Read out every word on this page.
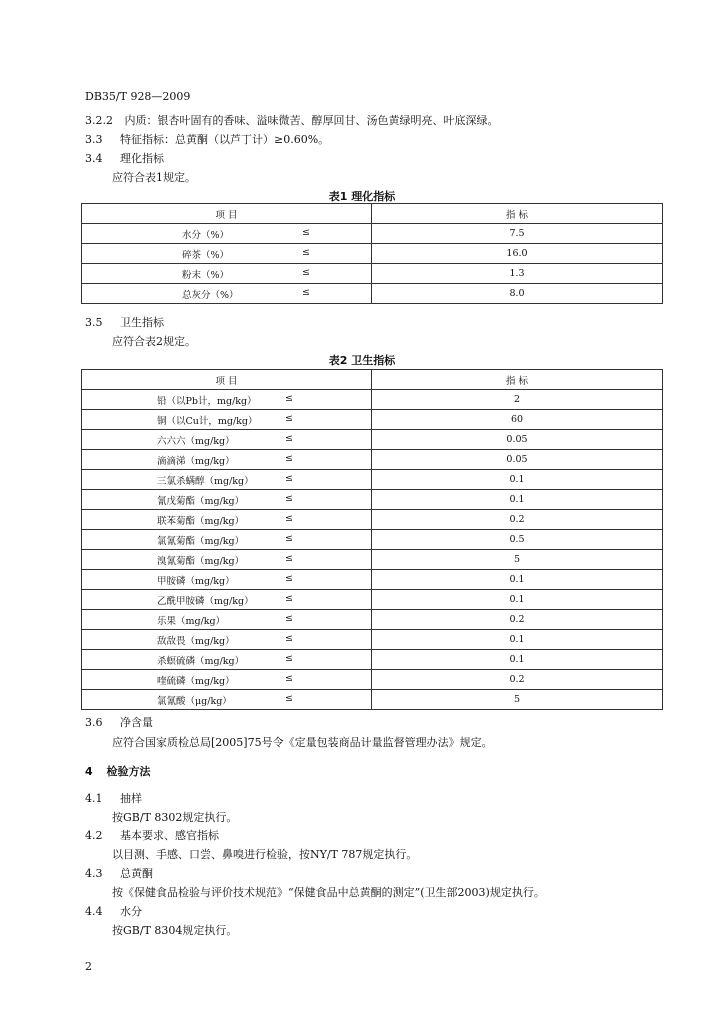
DB35/T 928—2009
3.2.2 内质：银杏叶固有的香味、溢味微苦、醇厚回甘、汤色黄绿明亮、叶底深绿。
3.3 特征指标：总黄酮（以芦丁计）≥0.60%。
3.4 理化指标
应符合表1规定。
表1 理化指标
项 目	指 标

水分（%） ≤	7.5

碎茶（%） ≤	16.0

粉末（%） ≤	1.3

总灰分（%） ≤	8.0
3.5 卫生指标
应符合表2规定。
表2 卫生指标
项 目	指 标

铅（以Pb计，mg/kg） ≤	2

铜（以Cu计，mg/kg） ≤	60

六六六（mg/kg） ≤	0.05

滴滴涕（mg/kg） ≤	0.05

三氯杀螨醇（mg/kg） ≤	0.1

氰戊菊酯（mg/kg） ≤	0.1

联苯菊酯（mg/kg） ≤	0.2

氯氰菊酯（mg/kg） ≤	0.5

溴氰菊酯（mg/kg） ≤	5

甲胺磷（mg/kg） ≤	0.1

乙酰甲胺磷（mg/kg） ≤	0.1

乐果（mg/kg） ≤	0.2

敌敌畏（mg/kg） ≤	0.1

杀螟硫磷（mg/kg） ≤	0.1

喹硫磷（mg/kg） ≤	0.2

氯氰酸（μg/kg） ≤	5
3.6 净含量
应符合国家质检总局[2005]75号令《定量包装商品计量监督管理办法》规定。
4 检验方法
4.1 抽样
按GB/T 8302规定执行。
4.2 基本要求、感官指标
以目测、手感、口尝、鼻嗅进行检验，按NY/T 787规定执行。
4.3 总黄酮
按《保健食品检验与评价技术规范》“保健食品中总黄酮的测定”(卫生部2003)规定执行。
4.4 水分
按GB/T 8304规定执行。
2
